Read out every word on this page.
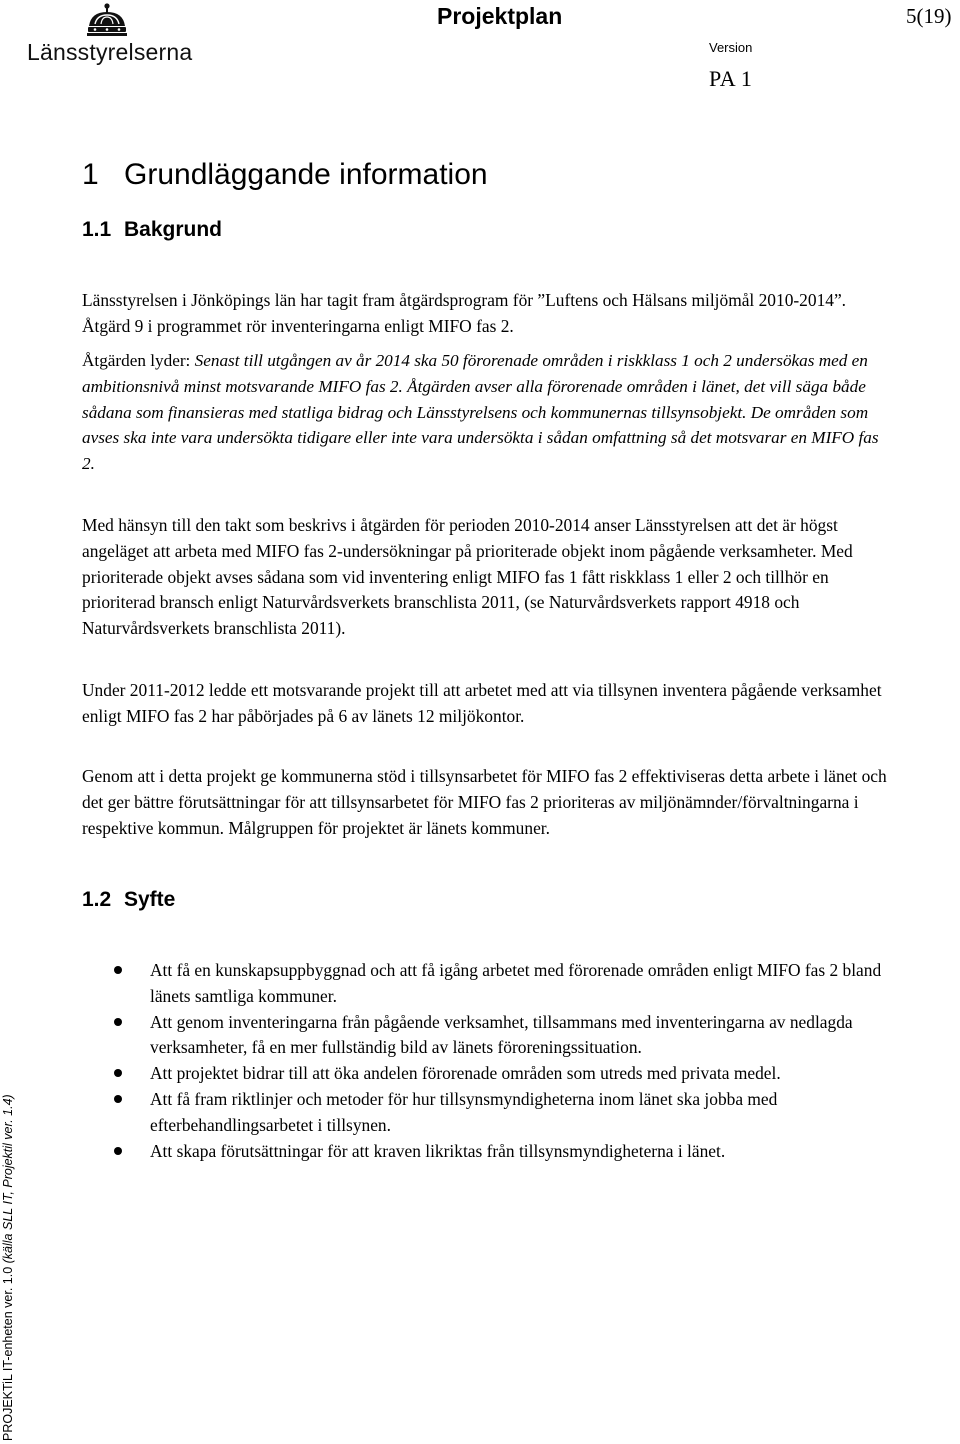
Länsstyrelserna
Projektplan	5(19)
Version
PA 1
1 Grundläggande information
1.1 Bakgrund

Länsstyrelsen i Jönköpings län har tagit fram åtgärdsprogram för ”Luftens och Hälsans miljömål 2010-2014”. Åtgärd 9 i programmet rör inventeringarna enligt MIFO fas 2.

Åtgärden lyder: Senast till utgången av år 2014 ska 50 förorenade områden i riskklass 1 och 2 undersökas med en ambitionsnivå minst motsvarande MIFO fas 2. Åtgärden avser alla förorenade områden i länet, det vill säga både sådana som finansieras med statliga bidrag och Länsstyrelsens och kommunernas tillsynsobjekt. De områden som avses ska inte vara undersökta tidigare eller inte vara undersökta i sådan omfattning så det motsvarar en MIFO fas 2.

Med hänsyn till den takt som beskrivs i åtgärden för perioden 2010-2014 anser Länsstyrelsen att det är högst angeläget att arbeta med MIFO fas 2-undersökningar på prioriterade objekt inom pågående verksamheter. Med prioriterade objekt avses sådana som vid inventering enligt MIFO fas 1 fått riskklass 1 eller 2 och tillhör en prioriterad bransch enligt Naturvårdsverkets branschlista 2011, (se Naturvårdsverkets rapport 4918 och Naturvårdsverkets branschlista 2011).

Under 2011-2012 ledde ett motsvarande projekt till att arbetet med att via tillsynen inventera pågående verksamhet enligt MIFO fas 2 har påbörjades på 6 av länets 12 miljökontor.

Genom att i detta projekt ge kommunerna stöd i tillsynsarbetet för MIFO fas 2 effektiviseras detta arbete i länet och det ger bättre förutsättningar för att tillsynsarbetet för MIFO fas 2 prioriteras av miljönämnder/förvaltningarna i respektive kommun. Målgruppen för projektet är länets kommuner.

1.2 Syfte
Att få en kunskapsuppbyggnad och att få igång arbetet med förorenade områden enligt MIFO fas 2 bland länets samtliga kommuner.
Att genom inventeringarna från pågående verksamhet, tillsammans med inventeringarna av nedlagda verksamheter, få en mer fullständig bild av länets föroreningssituation.
Att projektet bidrar till att öka andelen förorenade områden som utreds med privata medel.
Att få fram riktlinjer och metoder för hur tillsynsmyndigheterna inom länet ska jobba med efterbehandlingsarbetet i tillsynen.
Att skapa förutsättningar för att kraven likriktas från tillsynsmyndigheterna i länet.
PROJEKTiL IT-enheten ver. 1.0 (källa SLL IT, Projektil ver. 1.4)
